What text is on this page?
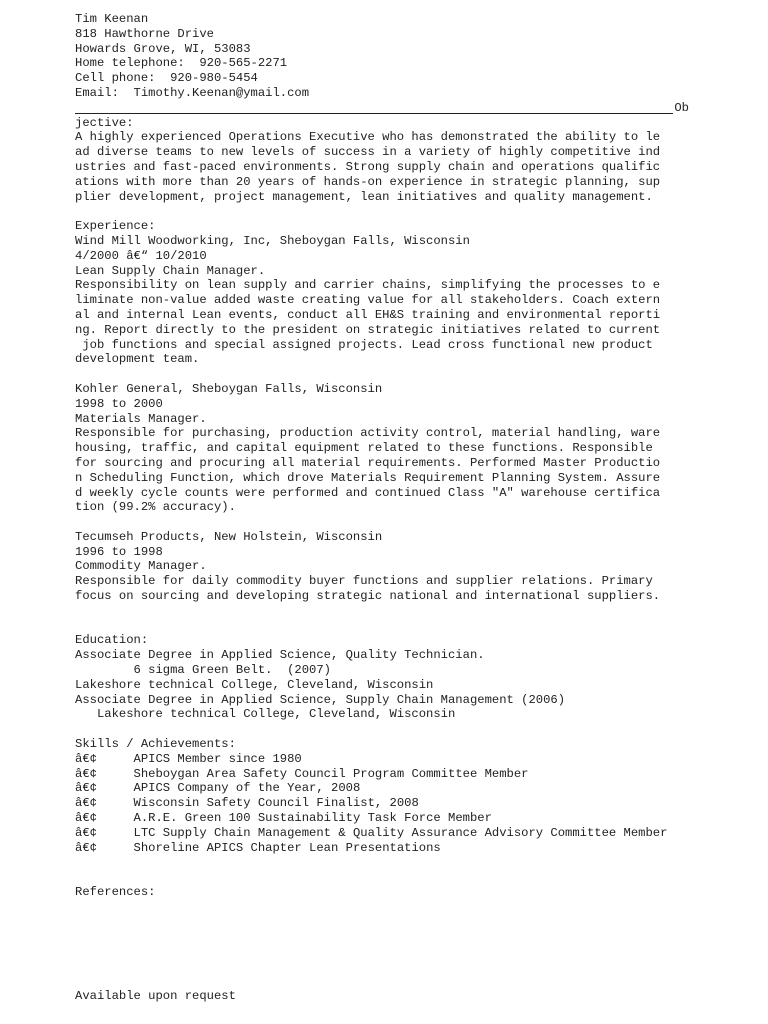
Tim Keenan
818 Hawthorne Drive
Howards Grove, WI, 53083
Home telephone:  920-565-2271
Cell phone:  920-980-5454
Email:  Timothy.Keenan@ymail.com
Ob
jective:
A highly experienced Operations Executive who has demonstrated the ability to le
ad diverse teams to new levels of success in a variety of highly competitive ind
ustries and fast-paced environments. Strong supply chain and operations qualific
ations with more than 20 years of hands-on experience in strategic planning, sup
plier development, project management, lean initiatives and quality management.
Experience:
Wind Mill Woodworking, Inc, Sheboygan Falls, Wisconsin
4/2000 â€“ 10/2010
Lean Supply Chain Manager.
Responsibility on lean supply and carrier chains, simplifying the processes to e
liminate non-value added waste creating value for all stakeholders. Coach extern
al and internal Lean events, conduct all EH&S training and environmental reporti
ng. Report directly to the president on strategic initiatives related to current
job functions and special assigned projects. Lead cross functional new product
development team.
Kohler General, Sheboygan Falls, Wisconsin
1998 to 2000
Materials Manager.
Responsible for purchasing, production activity control, material handling, ware
housing, traffic, and capital equipment related to these functions. Responsible
for sourcing and procuring all material requirements. Performed Master Productio
n Scheduling Function, which drove Materials Requirement Planning System. Assure
d weekly cycle counts were performed and continued Class "A" warehouse certifica
tion (99.2% accuracy).
Tecumseh Products, New Holstein, Wisconsin
1996 to 1998
Commodity Manager.
Responsible for daily commodity buyer functions and supplier relations. Primary
focus on sourcing and developing strategic national and international suppliers.
Education:
Associate Degree in Applied Science, Quality Technician.
6 sigma Green Belt.  (2007)
Lakeshore technical College, Cleveland, Wisconsin
Associate Degree in Applied Science, Supply Chain Management (2006)
Lakeshore technical College, Cleveland, Wisconsin
Skills / Achievements:
â€¢	APICS Member since 1980
â€¢	Sheboygan Area Safety Council Program Committee Member
â€¢	APICS Company of the Year, 2008
â€¢	Wisconsin Safety Council Finalist, 2008
â€¢	A.R.E. Green 100 Sustainability Task Force Member
â€¢	LTC Supply Chain Management & Quality Assurance Advisory Committee Member
â€¢	Shoreline APICS Chapter Lean Presentations
References:
Available upon request
